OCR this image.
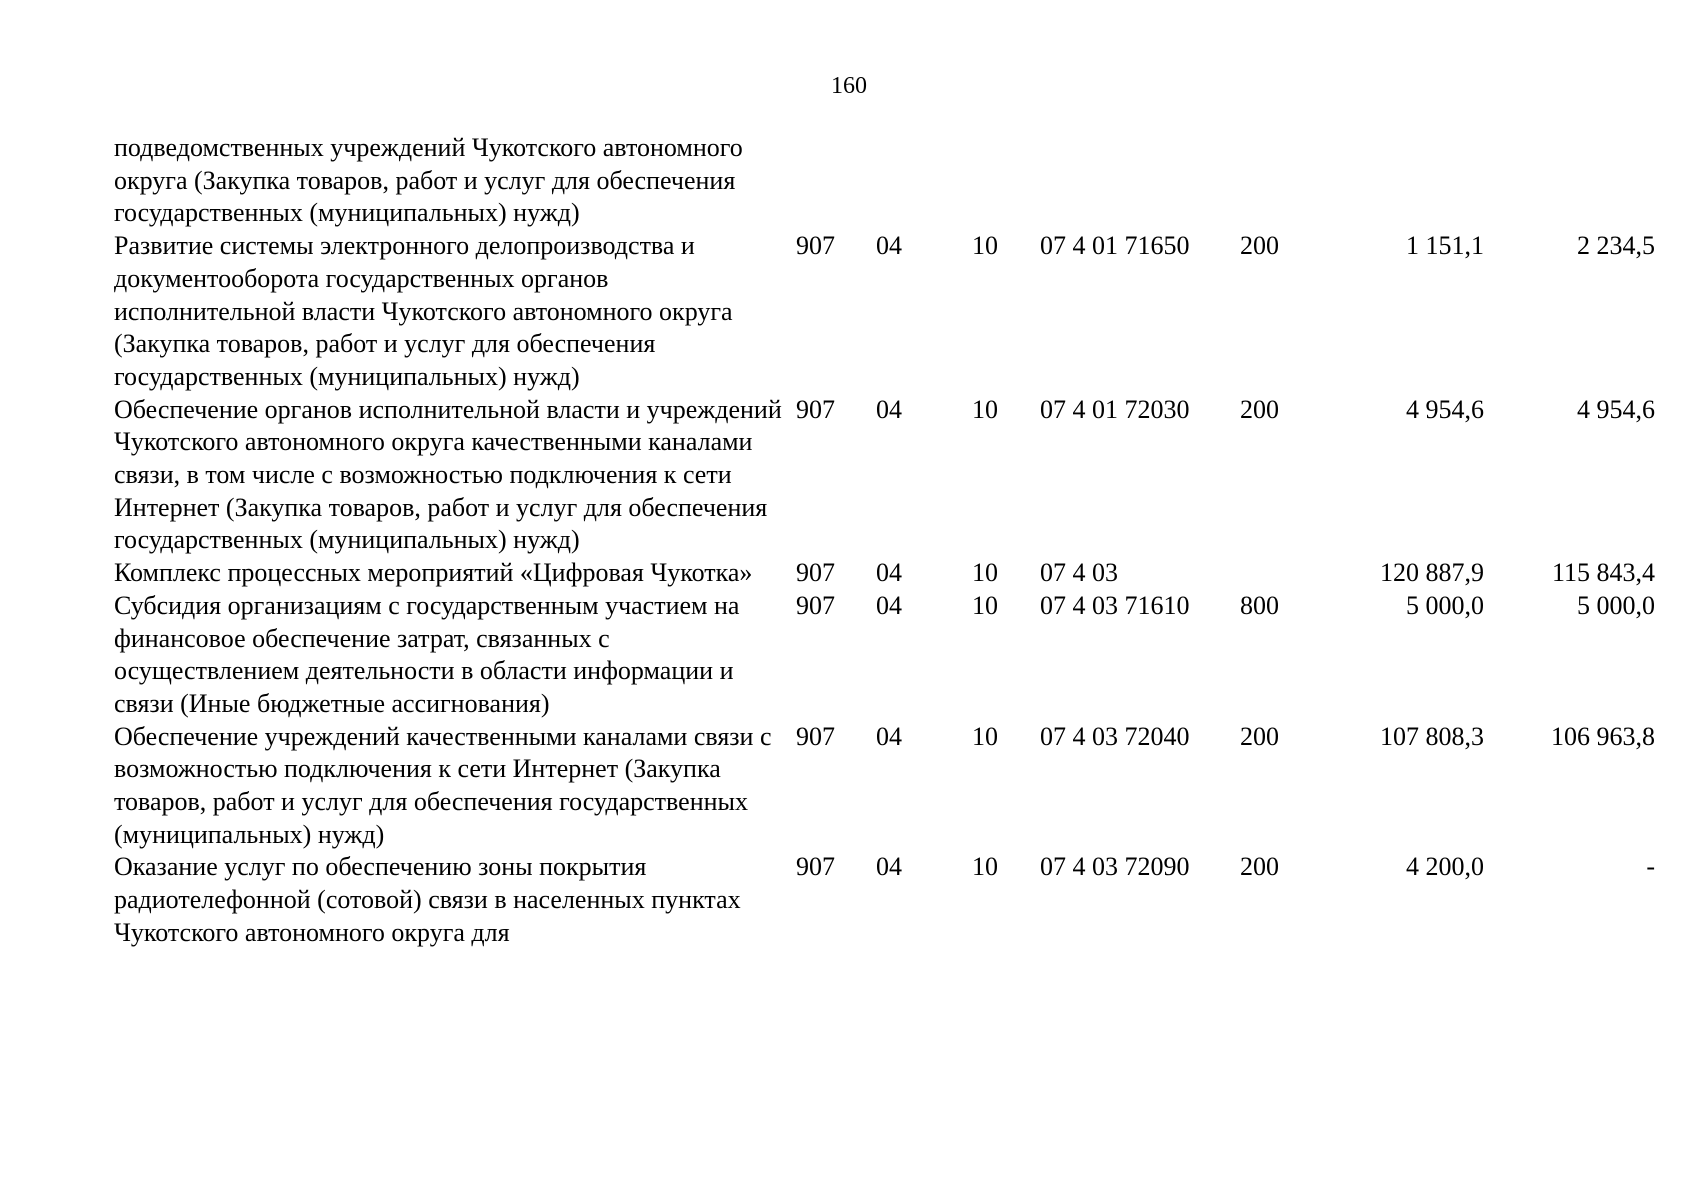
160
подведомственных учреждений Чукотского автономного округа (Закупка товаров, работ и услуг для обеспечения государственных (муниципальных) нужд)							
Развитие системы электронного делопроизводства и документооборота государственных органов исполнительной власти Чукотского автономного округа (Закупка товаров, работ и услуг для обеспечения государственных (муниципальных) нужд)	907	04	10	07 4 01 71650	200	1 151,1	2 234,5
Обеспечение органов исполнительной власти и учреждений Чукотского автономного округа качественными каналами связи, в том числе с возможностью подключения к сети Интернет (Закупка товаров, работ и услуг для обеспечения государственных (муниципальных) нужд)	907	04	10	07 4 01 72030	200	4 954,6	4 954,6
Комплекс процессных мероприятий «Цифровая Чукотка»	907	04	10	07 4 03		120 887,9	115 843,4
Субсидия организациям с государственным участием на финансовое обеспечение затрат, связанных с осуществлением деятельности в области информации и связи (Иные бюджетные ассигнования)	907	04	10	07 4 03 71610	800	5 000,0	5 000,0
Обеспечение учреждений качественными каналами связи с возможностью подключения к сети Интернет (Закупка товаров, работ и услуг для обеспечения государственных (муниципальных) нужд)	907	04	10	07 4 03 72040	200	107 808,3	106 963,8
Оказание услуг по обеспечению зоны покрытия радиотелефонной (сотовой) связи в населенных пунктах Чукотского автономного округа для	907	04	10	07 4 03 72090	200	4 200,0	-
